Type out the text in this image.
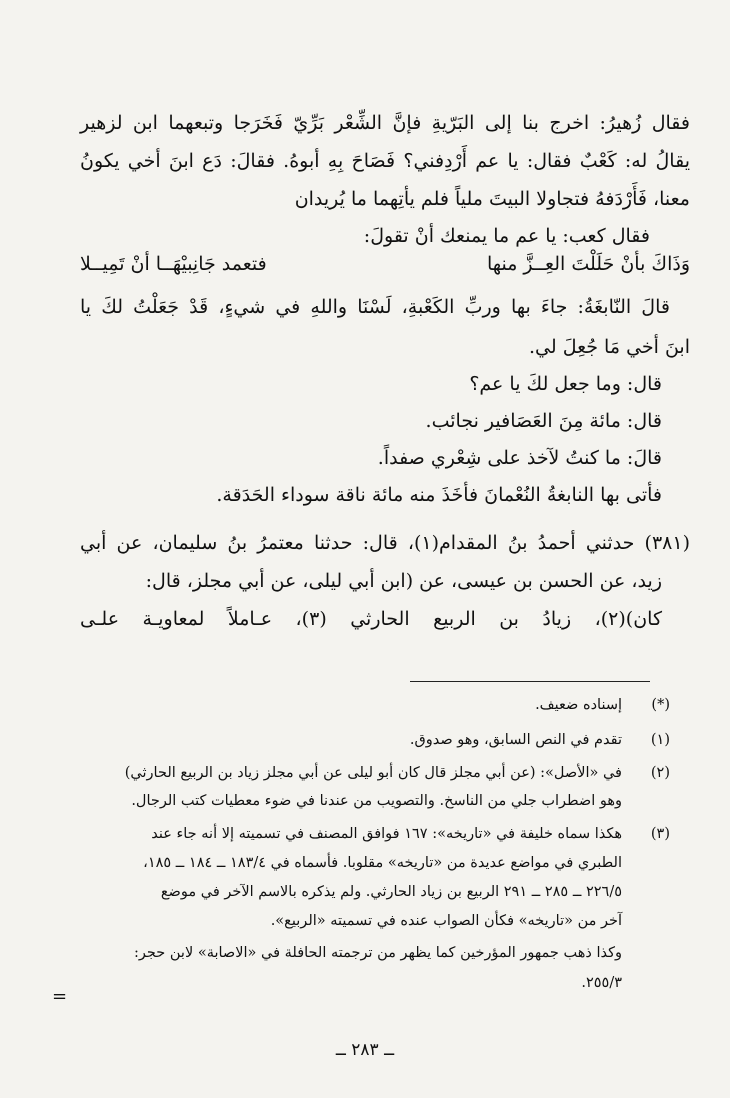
فقال زُهيرُ: اخرج بنا إلى البَرّيةِ فإنَّ الشِّعْر بَرِّيّ فَخَرَجا وتبعهما ابن لزهير
يقالُ له: كَعْبٌ فقال: يا عم أَرْدِفني؟ فَصَاحَ بِهِ أبوهُ. فقالَ: دَع ابنَ أخي يكونُ
معنا، فَأَرْدَفهُ فتجاولا البيتَ ملياً فلم يأتِهما ما يُريدان
فقال كعب: يا عم ما يمنعك أنْ تقولَ:
وَذَاكَ بأنْ حَلَلْتَ العِــزَّ منها
فتعمد جَانِبيْهَــا أنْ تَمِيــلا
قالَ النّابغَةُ: جاءَ بها وربِّ الكَعْبةِ، لَسْنَا واللهِ في شيءٍ، قَدْ جَعَلْتُ لكَ يا
ابنَ أخي مَا جُعِلَ لي.
قال: وما جعل لكَ يا عم؟
قال: مائة مِنَ العَصَافير نجائب.
قالَ: ما كنتُ لآخذ على شِعْري صفداً.
فأتى بها النابغةُ النُعْمانَ فأخَذَ منه مائة ناقة سوداء الحَدَقة.
(٣٨١) حدثني أحمدُ بنُ المقدام(١)، قال: حدثنا معتمرُ بنُ سليمان، عن أبي
زيد، عن الحسن بن عيسى، عن (ابن أبي ليلى، عن أبي مجلز، قال:
كان)(٢)، زيادُ بن الربيع الحارثي (٣)، عـاملاً لمعاويـة علـى
(*)
إسناده ضعيف.
(١)
تقدم في النص السابق، وهو صدوق.
(٢)
في «الأصل»: (عن أبي مجلز قال كان أبو ليلى عن أبي مجلز زياد بن الربيع الحارثي)
وهو اضطراب جلي من الناسخ. والتصويب من عندنا في ضوء معطيات كتب الرجال.
(٣)
هكذا سماه خليفة في «تاريخه»: ١٦٧ فوافق المصنف في تسميته إلا أنه جاء عند
الطبري في مواضع عديدة من «تاريخه» مقلوبا. فأسماه في ١٨٣/٤ ــ ١٨٤ ــ ١٨٥،
٢٢٦/٥ ــ ٢٨٥ ــ ٢٩١ الربيع بن زياد الحارثي. ولم يذكره بالاسم الآخر في موضع
آخر من «تاريخه» فكأن الصواب عنده في تسميته «الربيع».
وكذا ذهب جمهور المؤرخين كما يظهر من ترجمته الحافلة في «الاصابة» لابن حجر:
٢٥٥/٣.
=
ــ ٢٨٣ ــ
